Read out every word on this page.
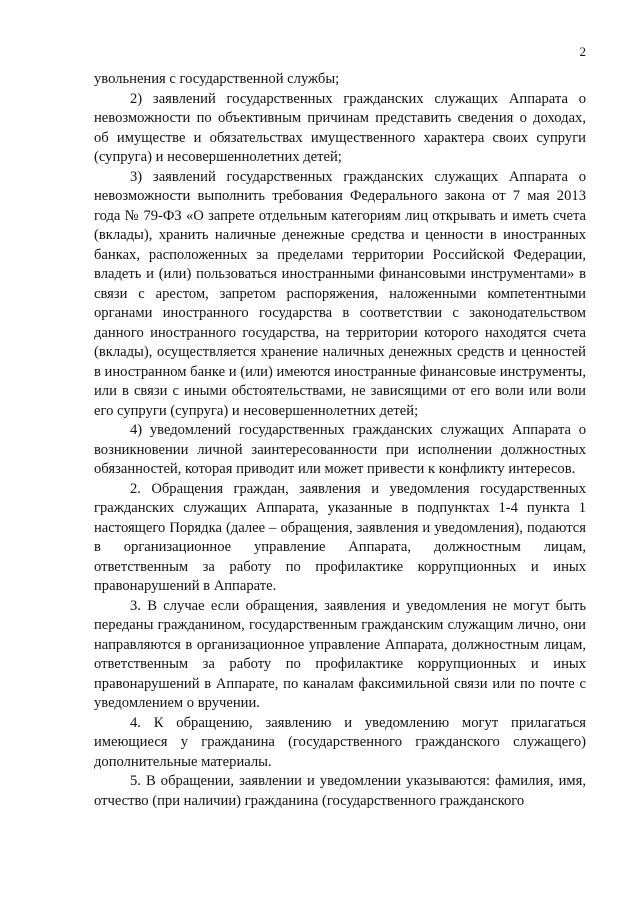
2

увольнения с государственной службы;

2) заявлений государственных гражданских служащих Аппарата о невозможности по объективным причинам представить сведения о доходах, об имуществе и обязательствах имущественного характера своих супруги (супруга) и несовершеннолетних детей;

3) заявлений государственных гражданских служащих Аппарата о невозможности выполнить требования Федерального закона от 7 мая 2013 года № 79-ФЗ «О запрете отдельным категориям лиц открывать и иметь счета (вклады), хранить наличные денежные средства и ценности в иностранных банках, расположенных за пределами территории Российской Федерации, владеть и (или) пользоваться иностранными финансовыми инструментами» в связи с арестом, запретом распоряжения, наложенными компетентными органами иностранного государства в соответствии с законодательством данного иностранного государства, на территории которого находятся счета (вклады), осуществляется хранение наличных денежных средств и ценностей в иностранном банке и (или) имеются иностранные финансовые инструменты, или в связи с иными обстоятельствами, не зависящими от его воли или воли его супруги (супруга) и несовершеннолетних детей;

4) уведомлений государственных гражданских служащих Аппарата о возникновении личной заинтересованности при исполнении должностных обязанностей, которая приводит или может привести к конфликту интересов.

2. Обращения граждан, заявления и уведомления государственных гражданских служащих Аппарата, указанные в подпунктах 1-4 пункта 1 настоящего Порядка (далее – обращения, заявления и уведомления), подаются в организационное управление Аппарата, должностным лицам, ответственным за работу по профилактике коррупционных и иных правонарушений в Аппарате.

3. В случае если обращения, заявления и уведомления не могут быть переданы гражданином, государственным гражданским служащим лично, они направляются в организационное управление Аппарата, должностным лицам, ответственным за работу по профилактике коррупционных и иных правонарушений в Аппарате, по каналам факсимильной связи или по почте с уведомлением о вручении.

4. К обращению, заявлению и уведомлению могут прилагаться имеющиеся у гражданина (государственного гражданского служащего) дополнительные материалы.

5. В обращении, заявлении и уведомлении указываются: фамилия, имя, отчество (при наличии) гражданина (государственного гражданского
